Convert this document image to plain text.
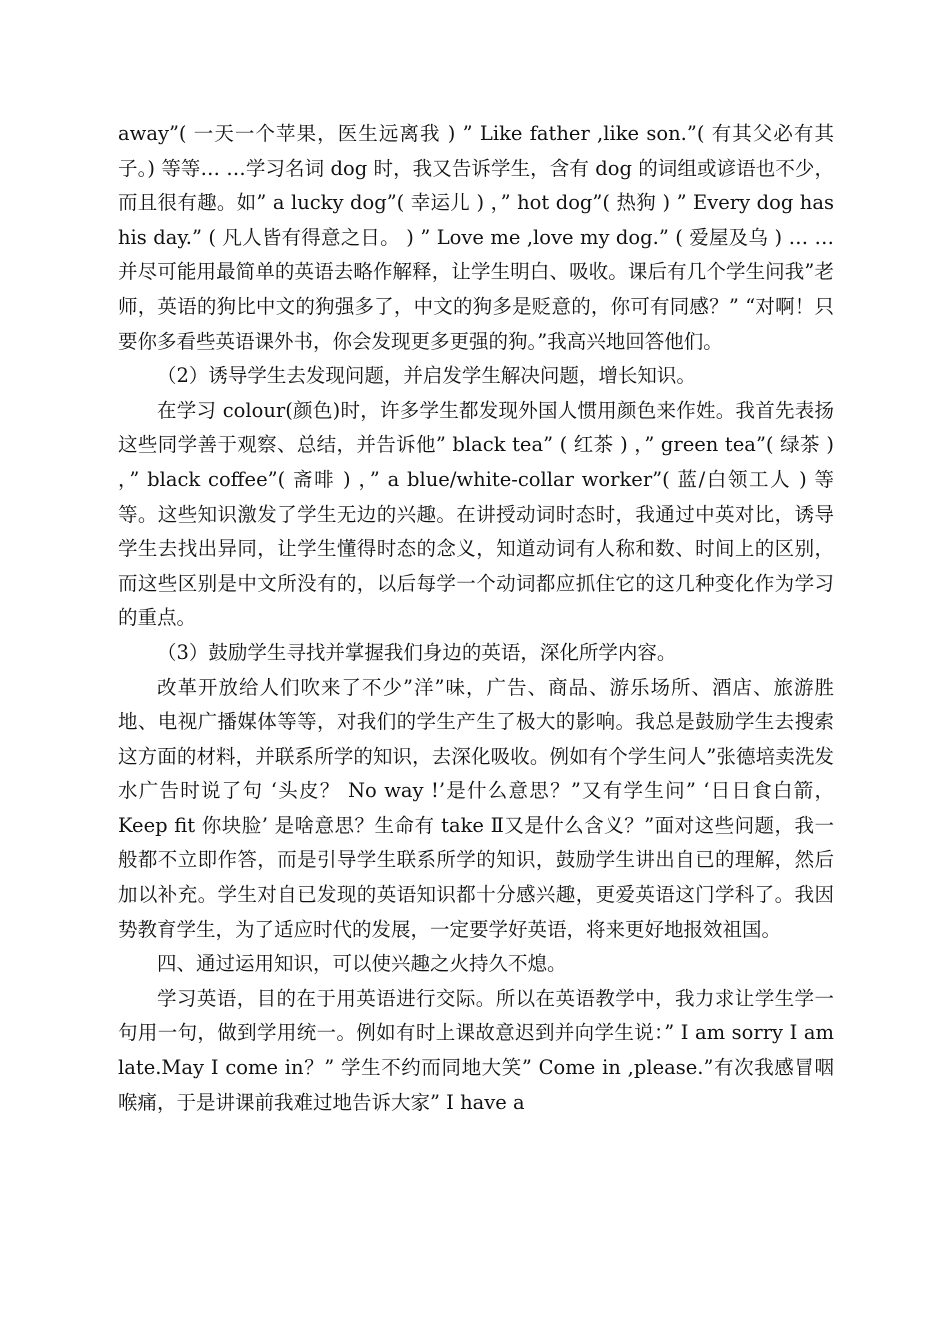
away”( 一天一个苹果，医生远离我 ) ” Like father ,like son.”( 有其父必有其子。) 等等… …学习名词 dog 时，我又告诉学生，含有 dog 的词组或谚语也不少，而且很有趣。如” a lucky dog”( 幸运儿 ) ，” hot dog”( 热狗 ) ” Every dog has his day.” ( 凡人皆有得意之日。 ) ” Love me ,love my dog.” ( 爱屋及乌 ) … …并尽可能用最简单的英语去略作解释，让学生明白、吸收。课后有几个学生问我”老师，英语的狗比中文的狗强多了，中文的狗多是贬意的，你可有同感？” “对啊！只要你多看些英语课外书，你会发现更多更强的狗。”我高兴地回答他们。

（2）诱导学生去发现问题，并启发学生解决问题，增长知识。

在学习 colour(颜色)时，许多学生都发现外国人惯用颜色来作姓。我首先表扬这些同学善于观察、总结，并告诉他” black tea” ( 红茶 ) ，” green tea”( 绿茶 ) ，” black coffee”( 斋啡 ) ，” a blue/white-collar worker”( 蓝/白领工人 ) 等等。这些知识激发了学生无边的兴趣。在讲授动词时态时，我通过中英对比，诱导学生去找出异同，让学生懂得时态的念义，知道动词有人称和数、时间上的区别，而这些区别是中文所没有的，以后每学一个动词都应抓住它的这几种变化作为学习的重点。

（3）鼓励学生寻找并掌握我们身边的英语，深化所学内容。

改革开放给人们吹来了不少”洋”味，广告、商品、游乐场所、酒店、旅游胜地、电视广播媒体等等，对我们的学生产生了极大的影响。我总是鼓励学生去搜索这方面的材料，并联系所学的知识，去深化吸收。例如有个学生问人”张德培卖洗发水广告时说了句 ‘头皮？ No way !’是什么意思？”又有学生问” ‘日日食白箭，Keep fit 你块脸’ 是啥意思？生命有 take Ⅱ又是什么含义？”面对这些问题，我一般都不立即作答，而是引导学生联系所学的知识，鼓励学生讲出自已的理解，然后加以补充。学生对自已发现的英语知识都十分感兴趣，更爱英语这门学科了。我因势教育学生，为了适应时代的发展，一定要学好英语，将来更好地报效祖国。

四、通过运用知识，可以使兴趣之火持久不熄。

学习英语，目的在于用英语进行交际。所以在英语教学中，我力求让学生学一句用一句，做到学用统一。例如有时上课故意迟到并向学生说：” I am sorry I am late.May I come in？” 学生不约而同地大笑” Come in ,please.”有次我感冒咽喉痛，于是讲课前我难过地告诉大家” I have a
